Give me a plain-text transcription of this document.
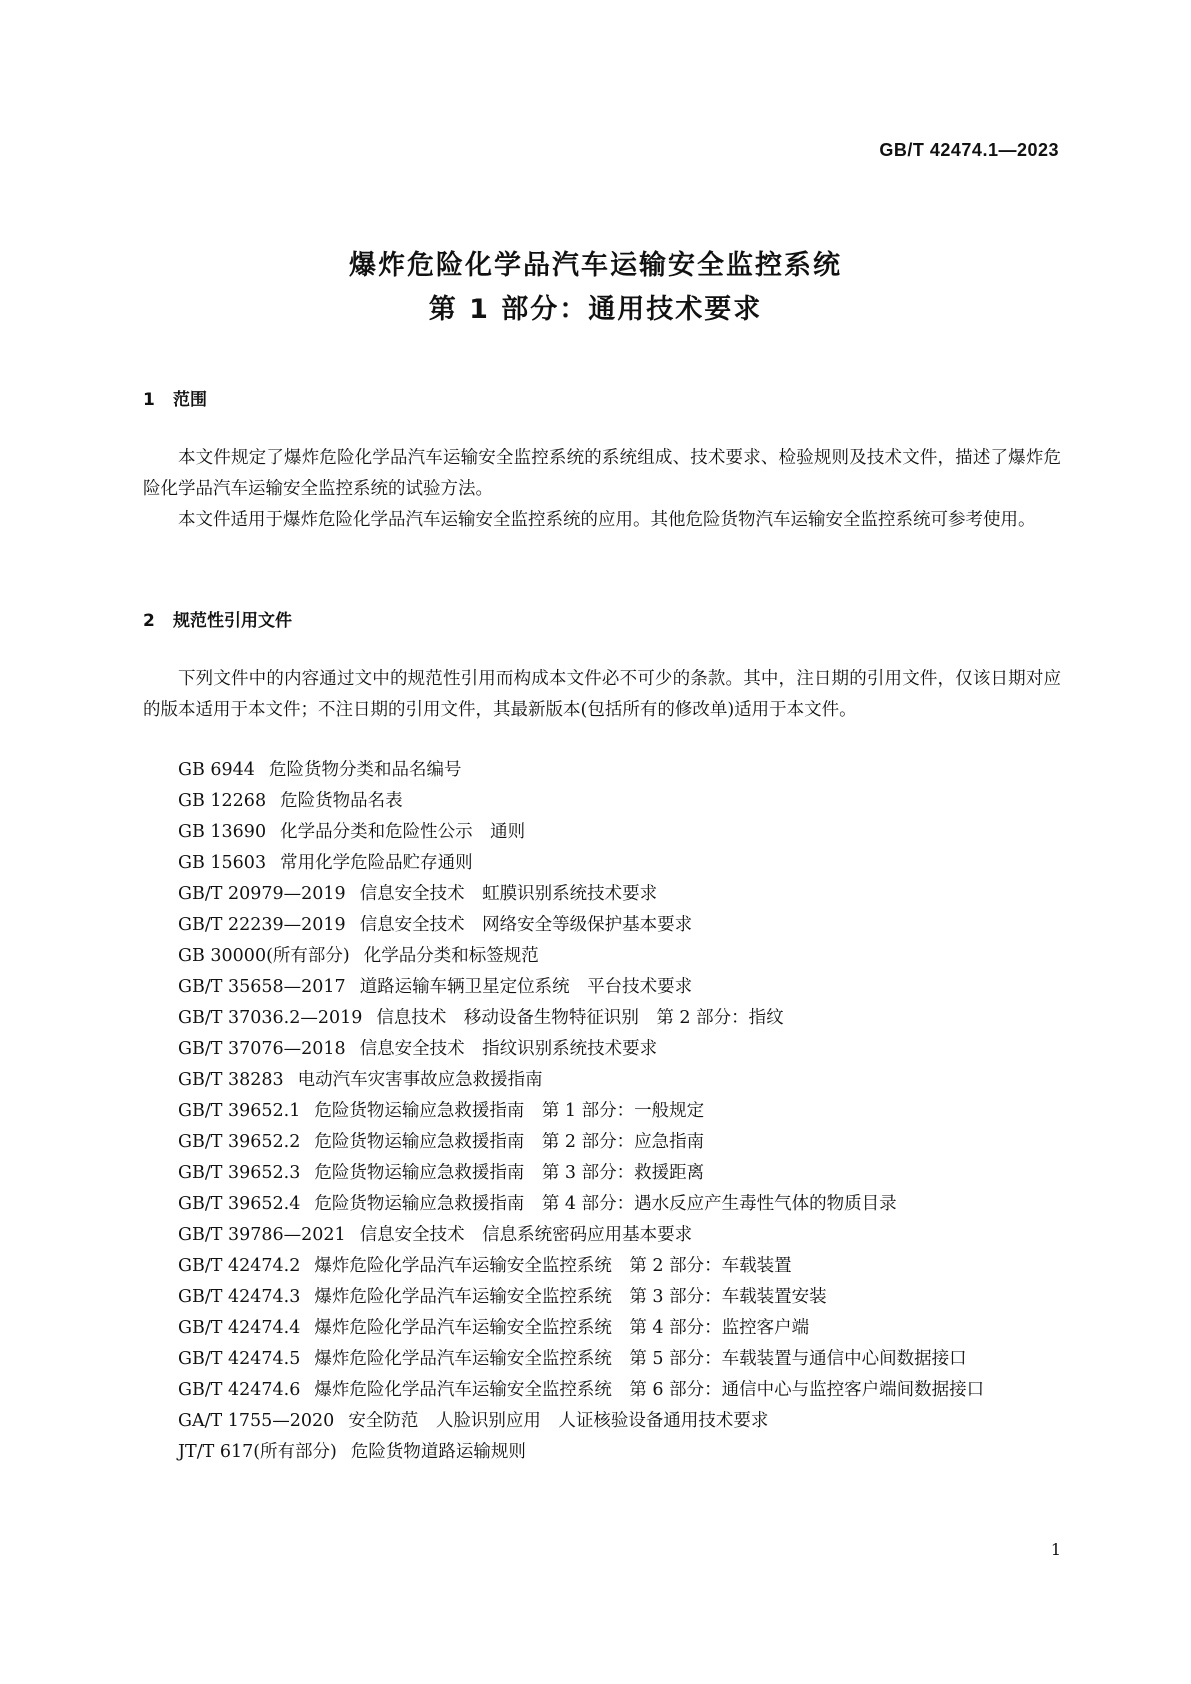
GB/T 42474.1—2023
爆炸危险化学品汽车运输安全监控系统
第 1 部分：通用技术要求
1 范围
本文件规定了爆炸危险化学品汽车运输安全监控系统的系统组成、技术要求、检验规则及技术文件，描述了爆炸危险化学品汽车运输安全监控系统的试验方法。
本文件适用于爆炸危险化学品汽车运输安全监控系统的应用。其他危险货物汽车运输安全监控系统可参考使用。
2 规范性引用文件
下列文件中的内容通过文中的规范性引用而构成本文件必不可少的条款。其中，注日期的引用文件，仅该日期对应的版本适用于本文件；不注日期的引用文件，其最新版本(包括所有的修改单)适用于本文件。
GB 6944 危险货物分类和品名编号
GB 12268 危险货物品名表
GB 13690 化学品分类和危险性公示　通则
GB 15603 常用化学危险品贮存通则
GB/T 20979—2019 信息安全技术　虹膜识别系统技术要求
GB/T 22239—2019 信息安全技术　网络安全等级保护基本要求
GB 30000(所有部分) 化学品分类和标签规范
GB/T 35658—2017 道路运输车辆卫星定位系统　平台技术要求
GB/T 37036.2—2019 信息技术　移动设备生物特征识别　第 2 部分：指纹
GB/T 37076—2018 信息安全技术　指纹识别系统技术要求
GB/T 38283 电动汽车灾害事故应急救援指南
GB/T 39652.1 危险货物运输应急救援指南　第 1 部分：一般规定
GB/T 39652.2 危险货物运输应急救援指南　第 2 部分：应急指南
GB/T 39652.3 危险货物运输应急救援指南　第 3 部分：救援距离
GB/T 39652.4 危险货物运输应急救援指南　第 4 部分：遇水反应产生毒性气体的物质目录
GB/T 39786—2021 信息安全技术　信息系统密码应用基本要求
GB/T 42474.2 爆炸危险化学品汽车运输安全监控系统　第 2 部分：车载装置
GB/T 42474.3 爆炸危险化学品汽车运输安全监控系统　第 3 部分：车载装置安装
GB/T 42474.4 爆炸危险化学品汽车运输安全监控系统　第 4 部分：监控客户端
GB/T 42474.5 爆炸危险化学品汽车运输安全监控系统　第 5 部分：车载装置与通信中心间数据接口
GB/T 42474.6 爆炸危险化学品汽车运输安全监控系统　第 6 部分：通信中心与监控客户端间数据接口
GA/T 1755—2020 安全防范　人脸识别应用　人证核验设备通用技术要求
JT/T 617(所有部分) 危险货物道路运输规则
1
